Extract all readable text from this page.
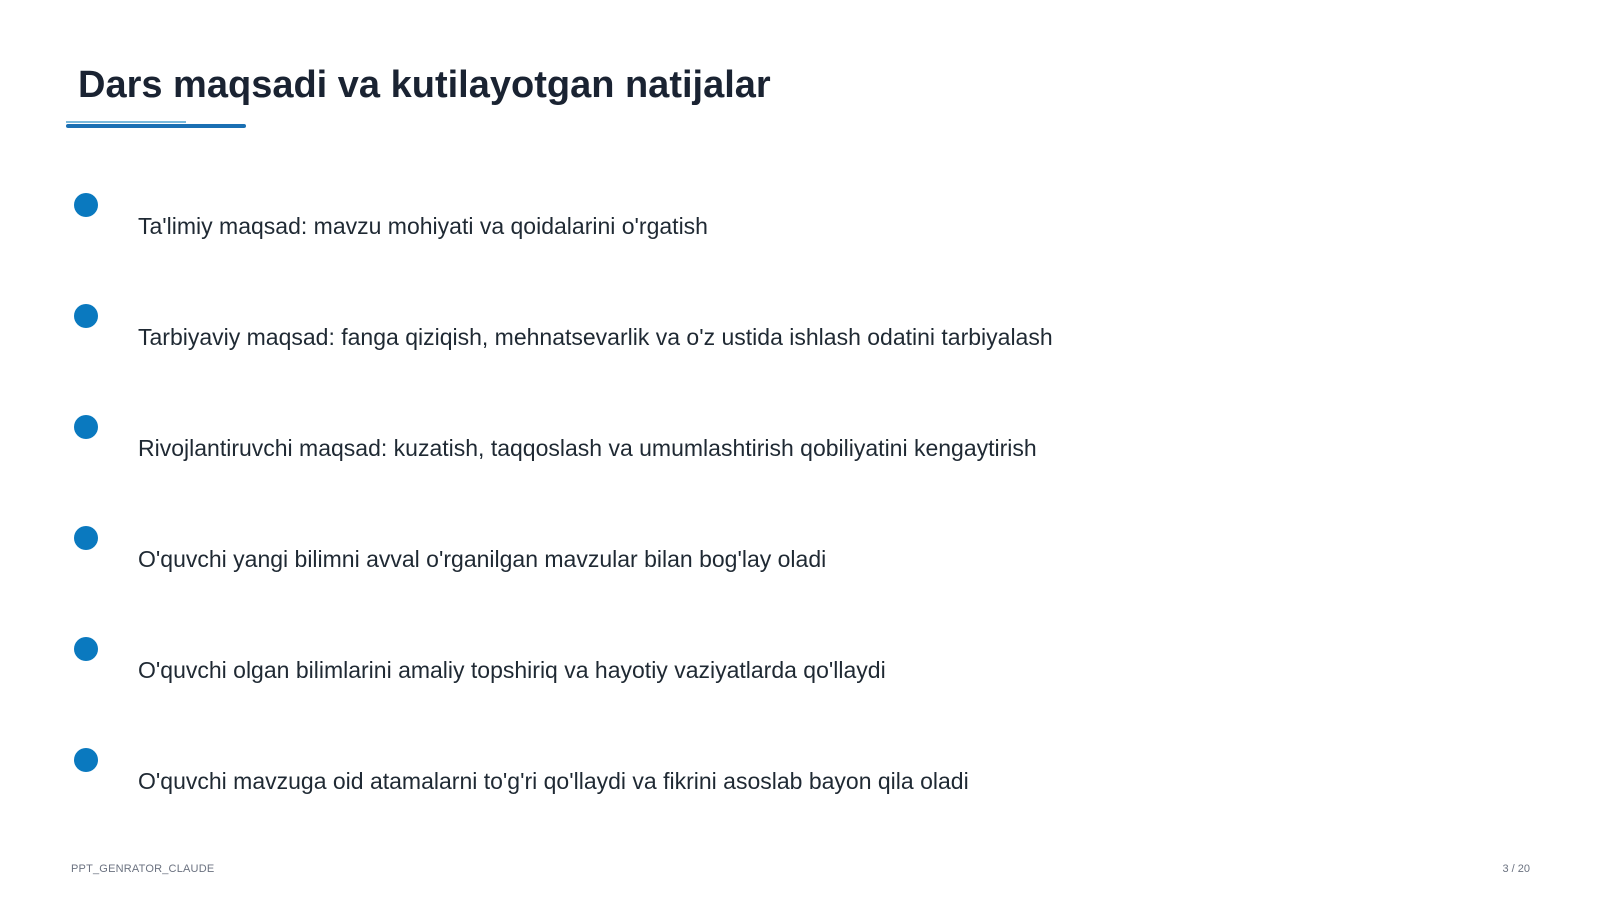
Dars maqsadi va kutilayotgan natijalar
Ta'limiy maqsad: mavzu mohiyati va qoidalarini o'rgatish
Tarbiyaviy maqsad: fanga qiziqish, mehnatsevarlik va o'z ustida ishlash odatini tarbiyalash
Rivojlantiruvchi maqsad: kuzatish, taqqoslash va umumlashtirish qobiliyatini kengaytirish
O'quvchi yangi bilimni avval o'rganilgan mavzular bilan bog'lay oladi
O'quvchi olgan bilimlarini amaliy topshiriq va hayotiy vaziyatlarda qo'llaydi
O'quvchi mavzuga oid atamalarni to'g'ri qo'llaydi va fikrini asoslab bayon qila oladi
PPT_GENRATOR_CLAUDE	3 / 20
